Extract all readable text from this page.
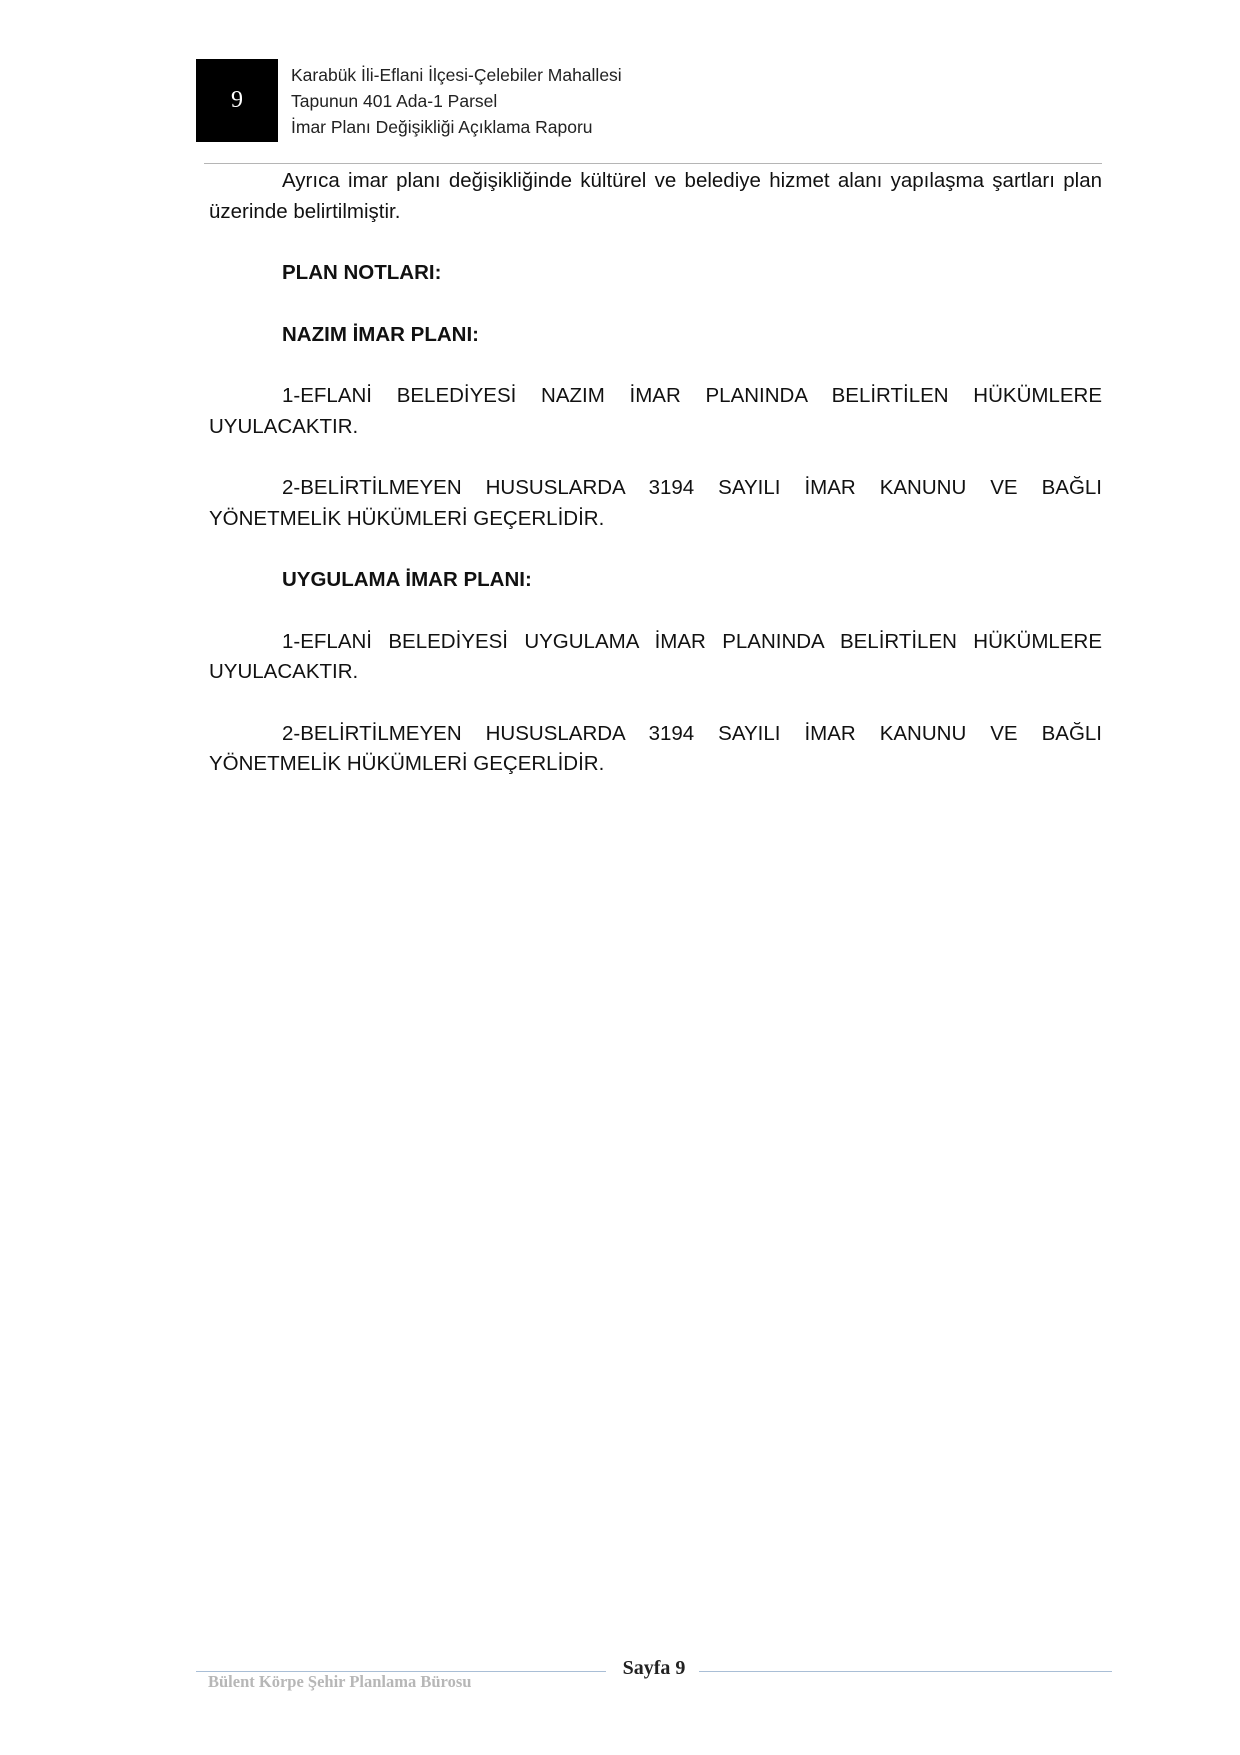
9
Karabük İli-Eflani İlçesi-Çelebiler Mahallesi
Tapunun 401 Ada-1 Parsel
İmar Planı Değişikliği Açıklama Raporu

Ayrıca imar planı değişikliğinde kültürel ve belediye hizmet alanı yapılaşma şartları plan üzerinde belirtilmiştir.

PLAN NOTLARI:
NAZIM İMAR PLANI:

1-EFLANİ BELEDİYESİ NAZIM İMAR PLANINDA BELİRTİLEN HÜKÜMLERE UYULACAKTIR.

2-BELİRTİLMEYEN HUSUSLARDA 3194 SAYILI İMAR KANUNU VE BAĞLI YÖNETMELİK HÜKÜMLERİ GEÇERLİDİR.

UYGULAMA İMAR PLANI:

1-EFLANİ BELEDİYESİ UYGULAMA İMAR PLANINDA BELİRTİLEN HÜKÜMLERE UYULACAKTIR.

2-BELİRTİLMEYEN HUSUSLARDA 3194 SAYILI İMAR KANUNU VE BAĞLI YÖNETMELİK HÜKÜMLERİ GEÇERLİDİR.

Sayfa 9
Bülent Körpe Şehir Planlama Bürosu
